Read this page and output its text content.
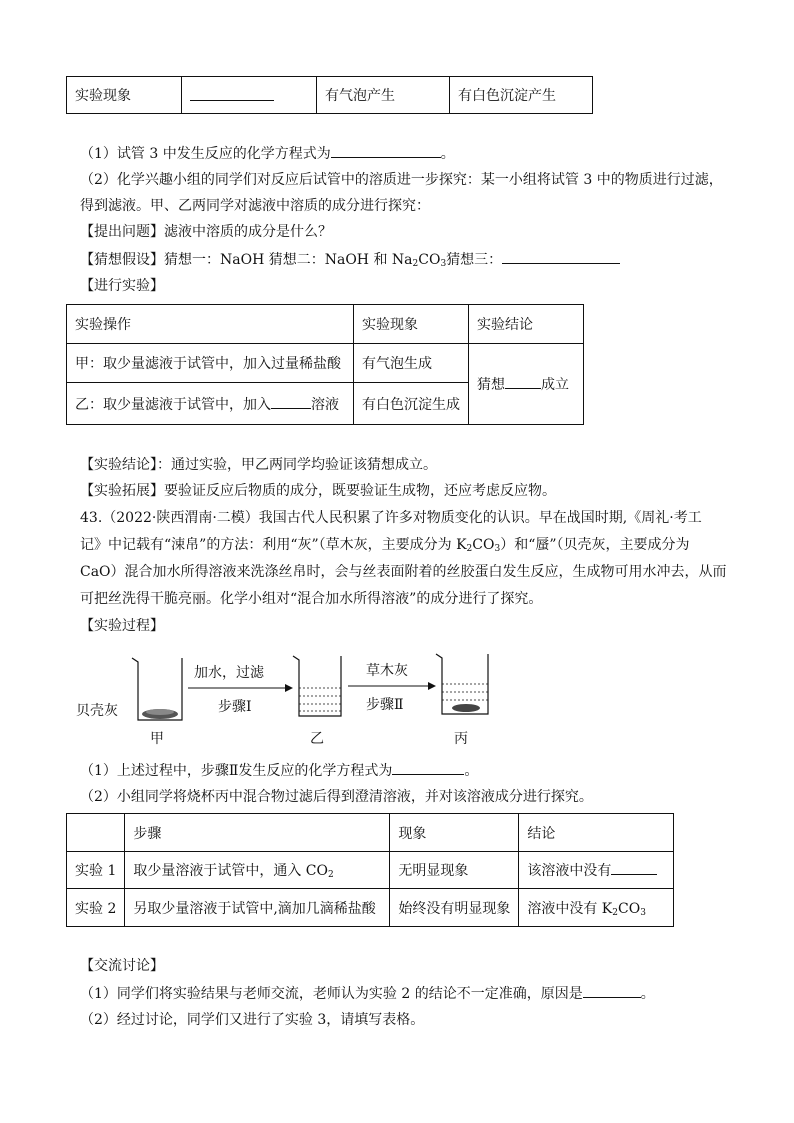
实验现象		有气泡产生	有白色沉淀产生
（1）试管 3 中发生反应的化学方程式为	。
（2）化学兴趣小组的同学们对反应后试管中的溶质进一步探究：某一小组将试管 3 中的物质进行过滤，
得到滤液。甲、乙两同学对滤液中溶质的成分进行探究：
【提出问题】滤液中溶质的成分是什么？
【猜想假设】猜想一：NaOH 猜想二：NaOH 和 $Na_2CO_3$猜想三：
【进行实验】
实验操作	实验现象	实验结论
甲：取少量滤液于试管中，加入过量稀盐酸	有气泡生成	猜想 成立
乙：取少量滤液于试管中，加入 溶液	有白色沉淀生成	
【实验结论】：通过实验，甲乙两同学均验证该猜想成立。
【实验拓展】要验证反应后物质的成分，既要验证生成物，还应考虑反应物。
43.（2022·陕西渭南·二模）我国古代人民积累了许多对物质变化的认识。早在战国时期,《周礼·考工
记》中记载有“涑帛”的方法：利用“灰”（草木灰，主要成分为 $K_2CO_3$）和“蜃”（贝壳灰，主要成分为
CaO）混合加水所得溶液来洗涤丝帛时，会与丝表面附着的丝胶蛋白发生反应，生成物可用水冲去，从而
可把丝洗得干脆亮丽。化学小组对“混合加水所得溶液”的成分进行了探究。
【实验过程】
贝壳灰
加水，过滤
步骤Ⅰ
草木灰
步骤Ⅱ
甲	乙	丙
（1）上述过程中，步骤Ⅱ发生反应的化学方程式为	。
（2）小组同学将烧杯丙中混合物过滤后得到澄清溶液，并对该溶液成分进行探究。
	步骤	现象	结论
实验 1	取少量溶液于试管中，通入 $CO_2$	无明显现象	该溶液中没有
实验 2	另取少量溶液于试管中,滴加几滴稀盐酸	始终没有明显现象	溶液中没有 $K_2CO_3$
【交流讨论】
（1）同学们将实验结果与老师交流，老师认为实验 2 的结论不一定准确，原因是	。
（2）经过讨论，同学们又进行了实验 3，请填写表格。
